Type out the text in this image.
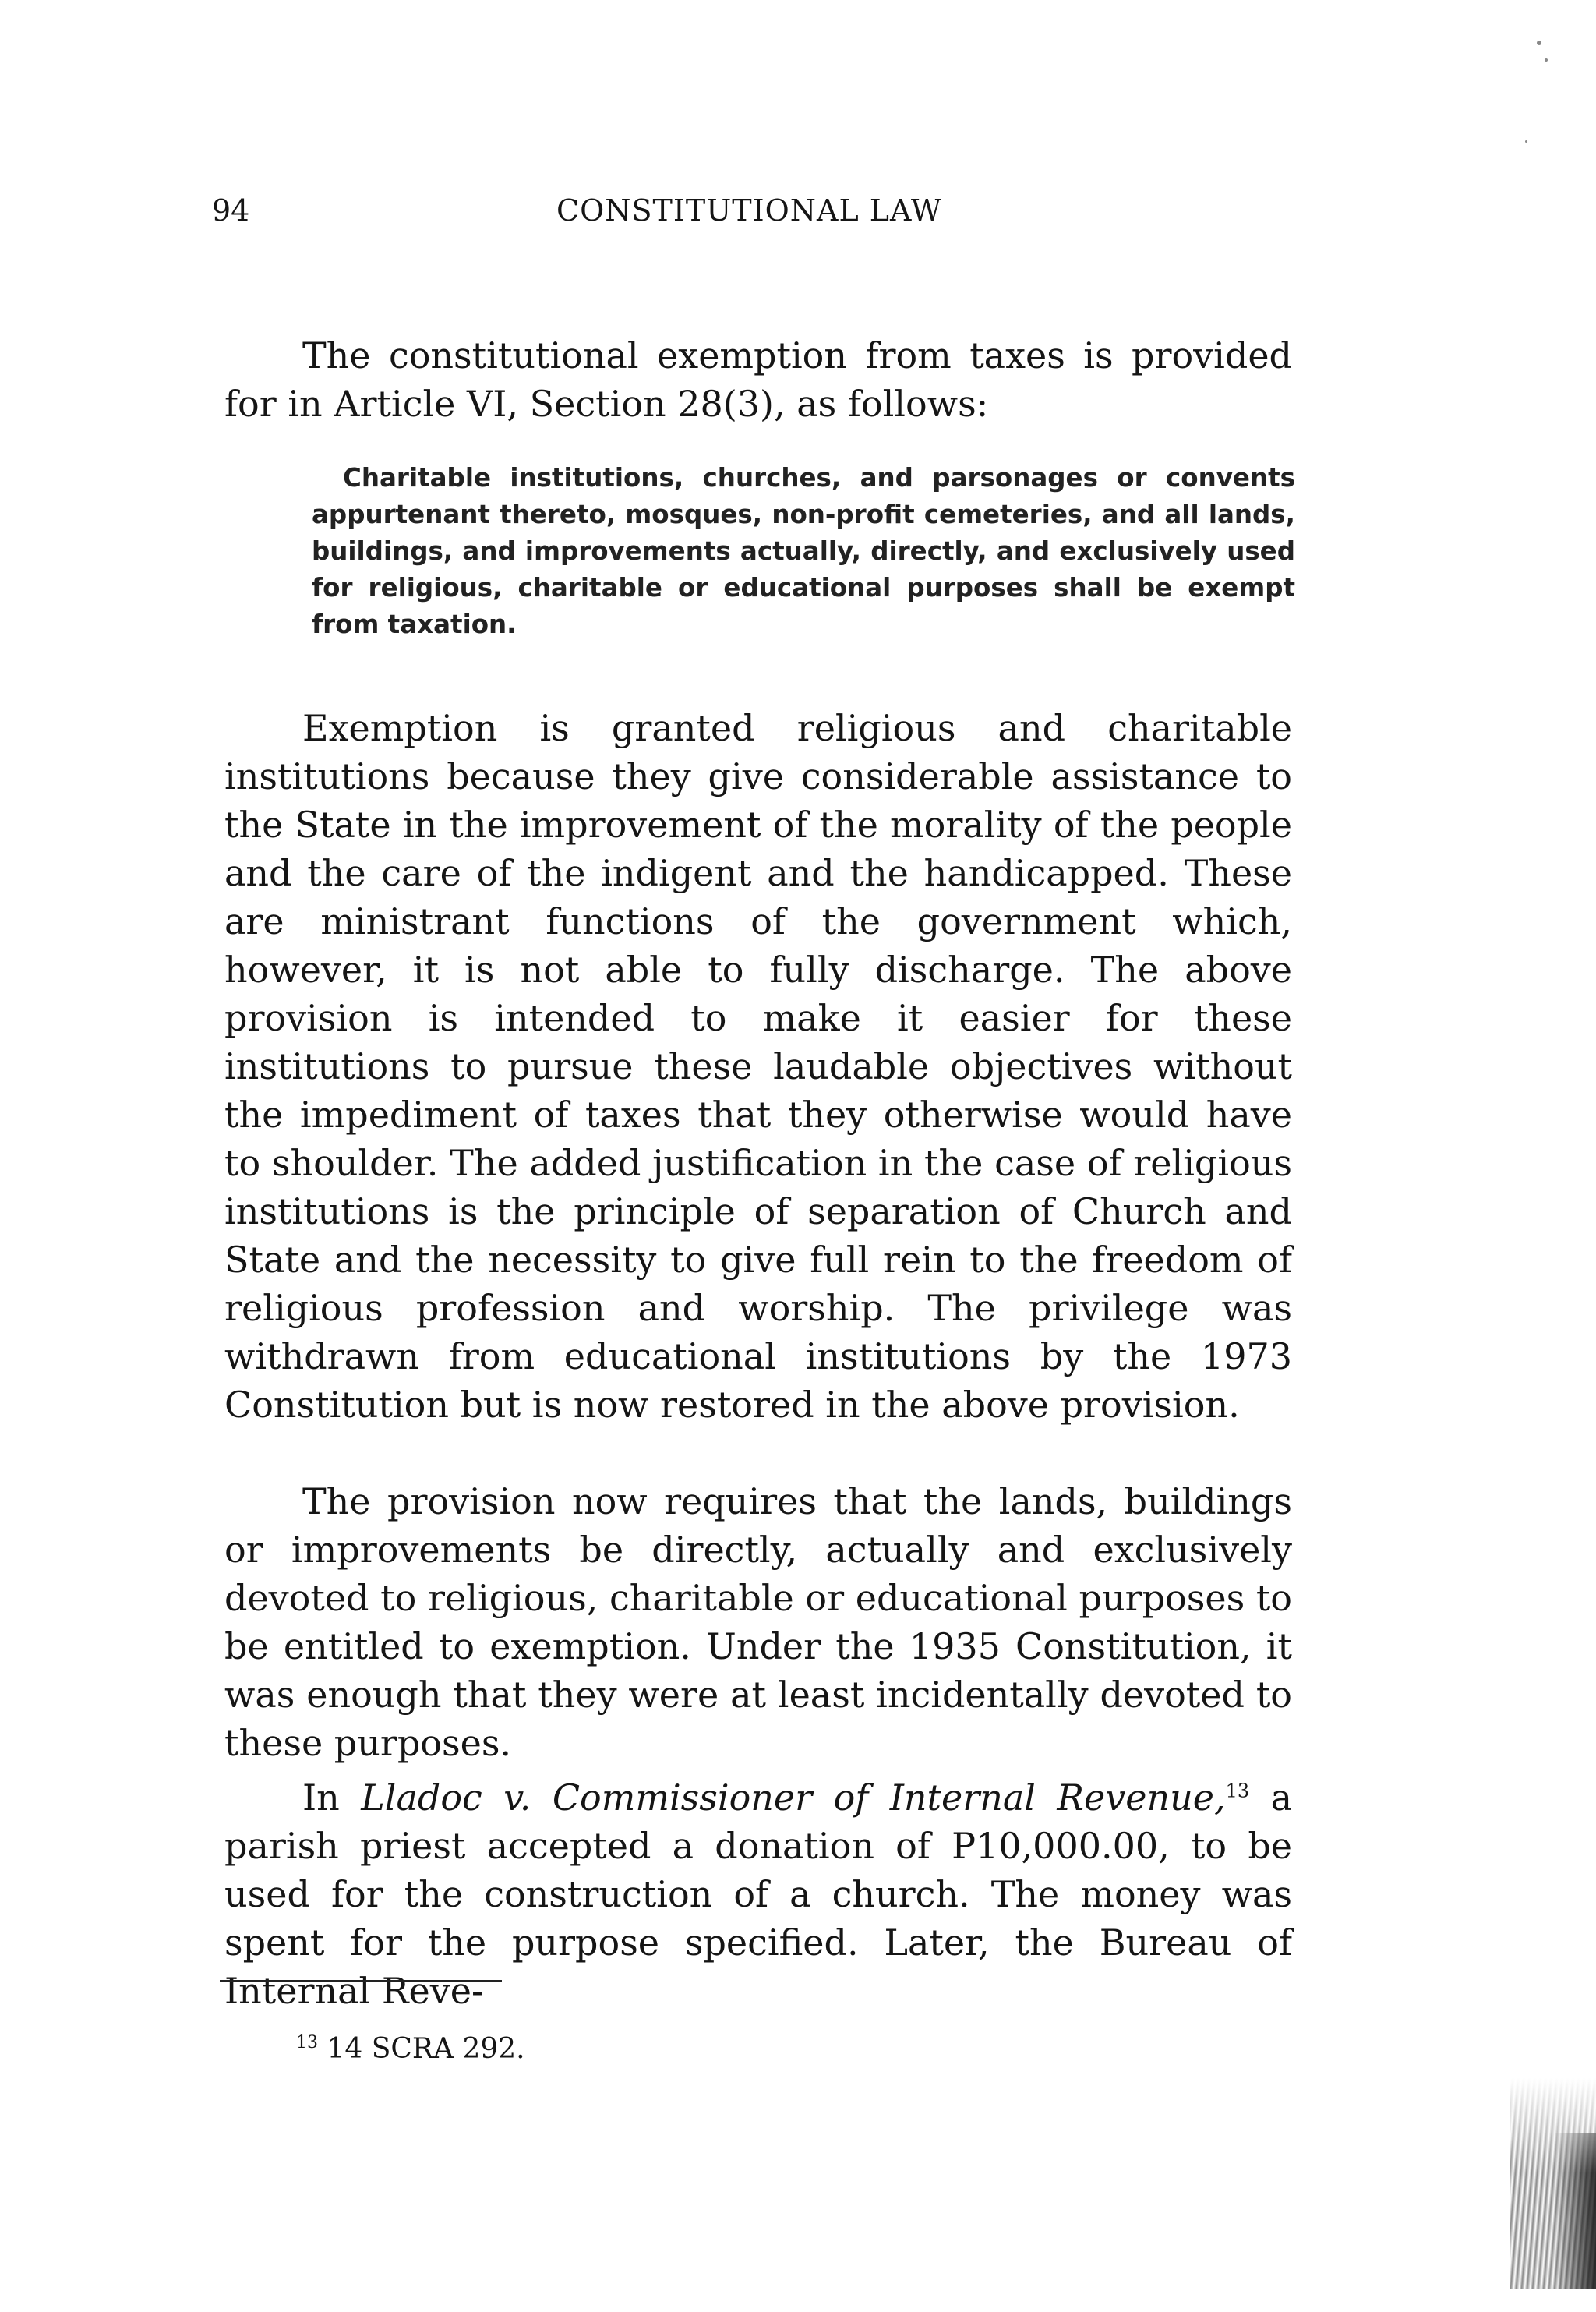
94	CONSTITUTIONAL LAW

The constitutional exemption from taxes is provided for in Article VI, Section 28(3), as follows:

Charitable institutions, churches, and parsonages or convents appurtenant thereto, mosques, non-profit cemeteries, and all lands, buildings, and improvements actually, directly, and exclusively used for religious, charitable or educational purposes shall be exempt from taxation.

Exemption is granted religious and charitable institutions because they give considerable assistance to the State in the improvement of the morality of the people and the care of the indigent and the handicapped. These are ministrant functions of the government which, however, it is not able to fully discharge. The above provision is intended to make it easier for these institutions to pursue these laudable objectives without the impediment of taxes that they otherwise would have to shoulder. The added justification in the case of religious institutions is the principle of separation of Church and State and the necessity to give full rein to the freedom of religious profession and worship. The privilege was withdrawn from educational institutions by the 1973 Constitution but is now restored in the above provision.

The provision now requires that the lands, buildings or improvements be directly, actually and exclusively devoted to religious, charitable or educational purposes to be entitled to exemption. Under the 1935 Constitution, it was enough that they were at least incidentally devoted to these purposes.

In Lladoc v. Commissioner of Internal Revenue,$^{13}$ a parish priest accepted a donation of P10,000.00, to be used for the construction of a church. The money was spent for the purpose specified. Later, the Bureau of Internal Reve-

$^{13}$ 14 SCRA 292.
